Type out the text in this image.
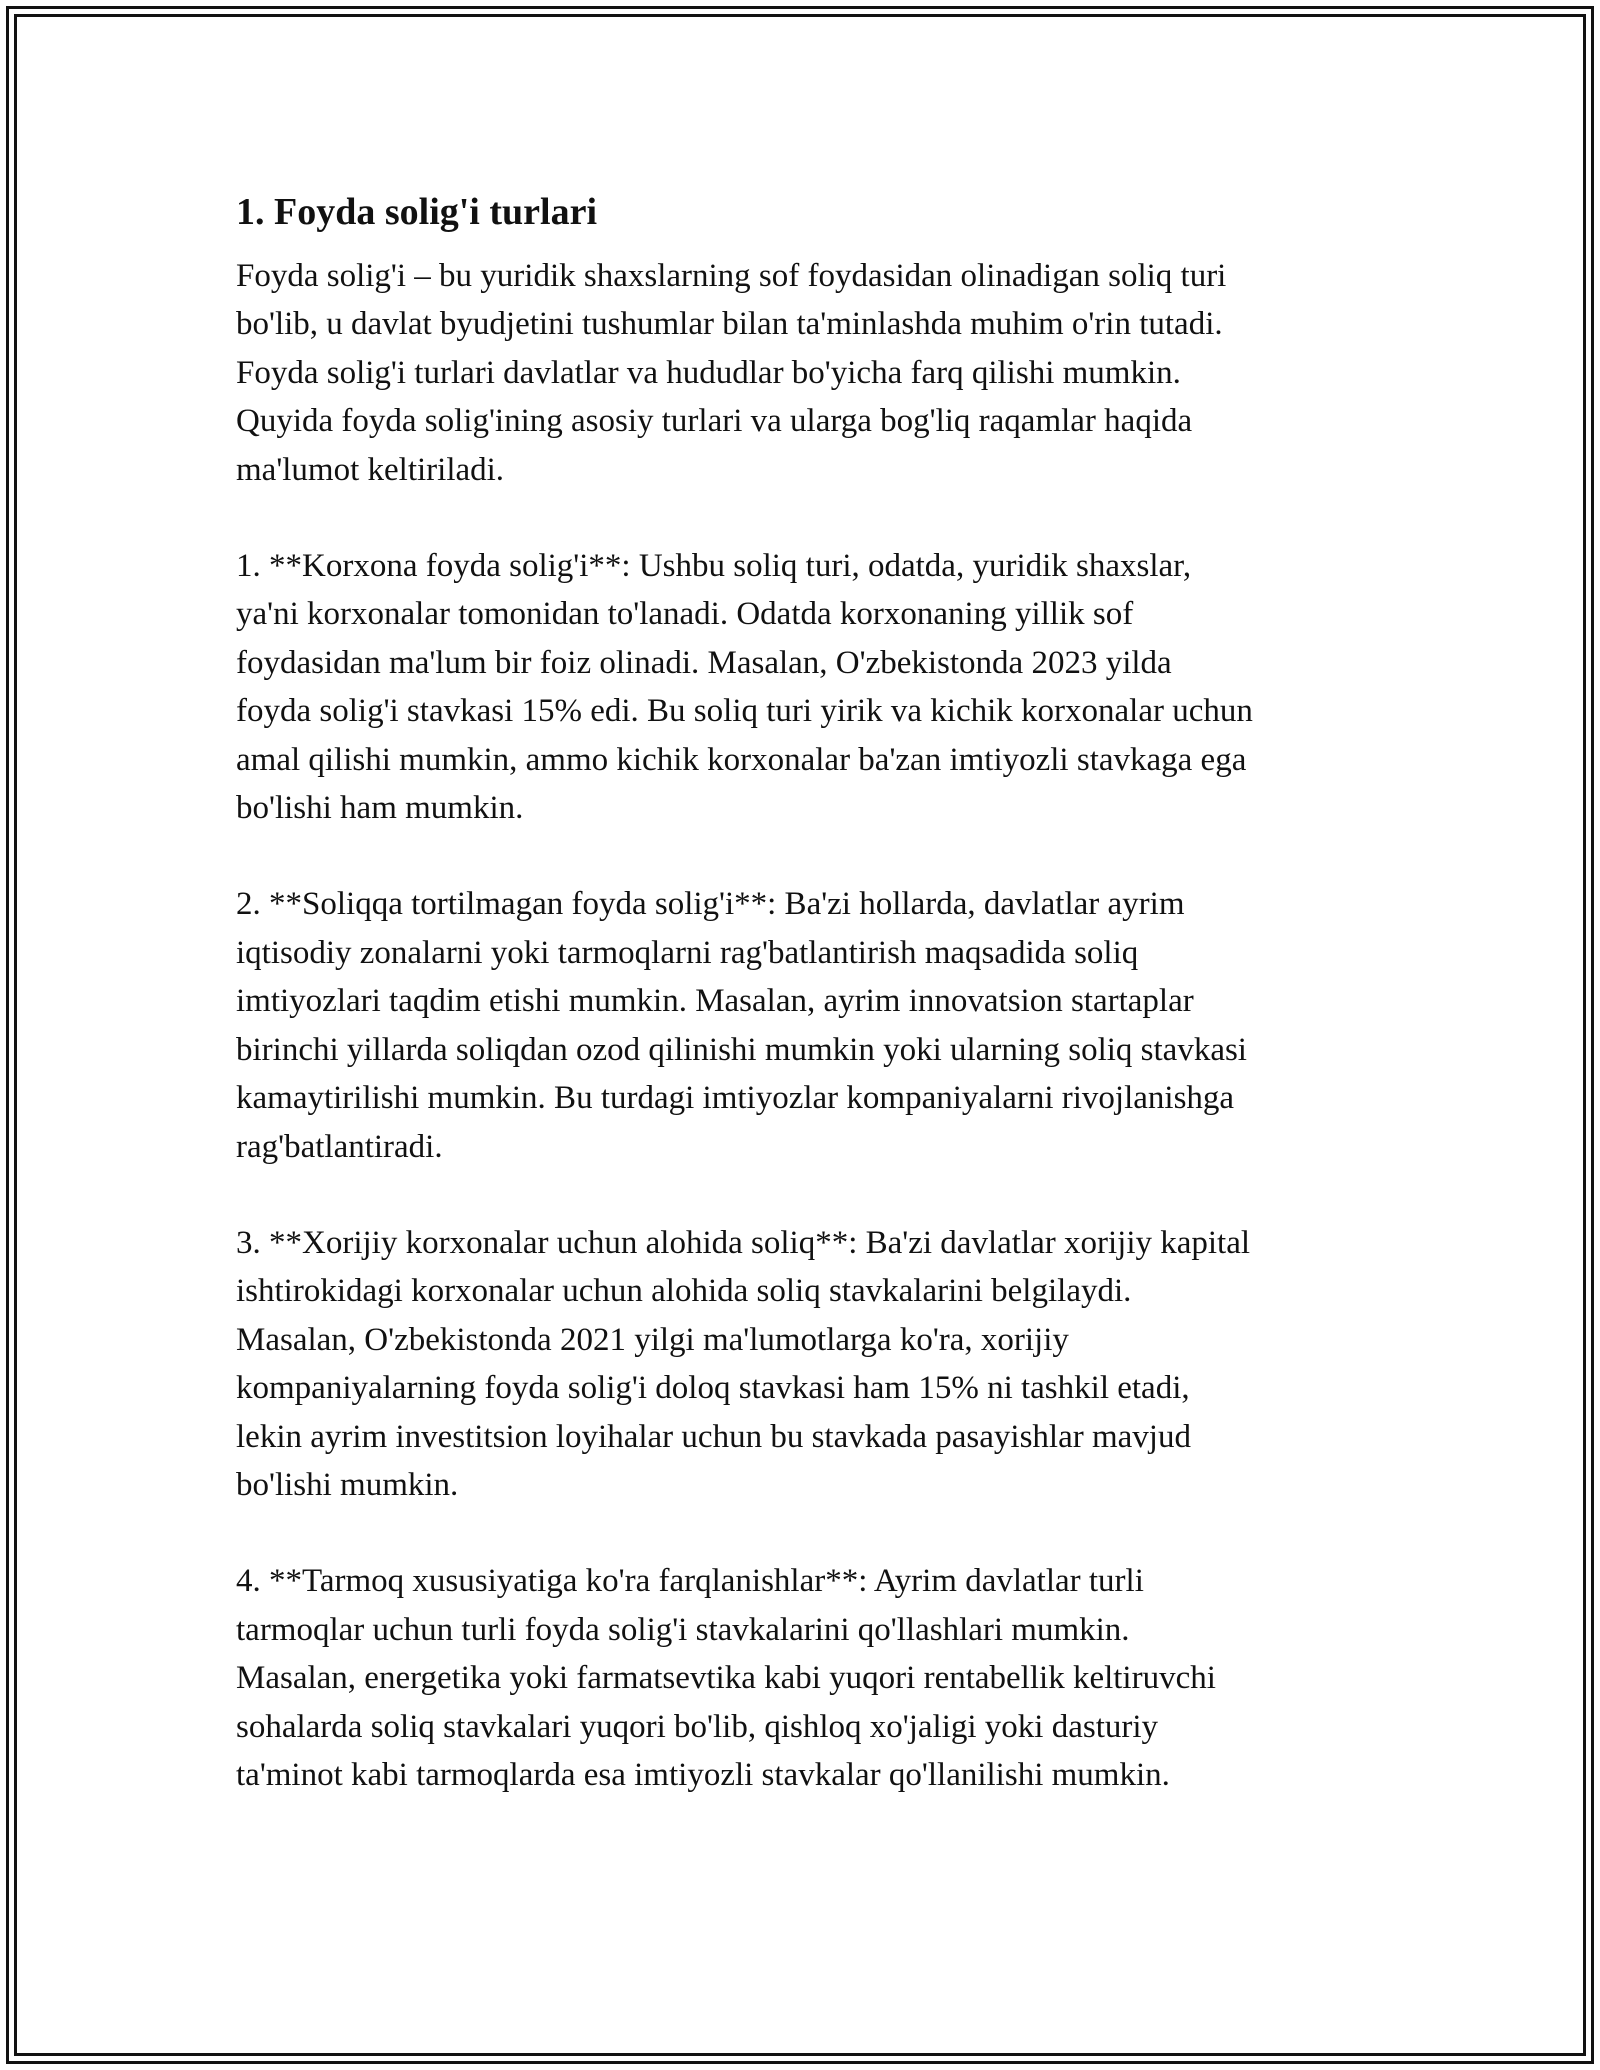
1. Foyda solig'i turlari

Foyda solig'i – bu yuridik shaxslarning sof foydasidan olinadigan soliq turi
bo'lib, u davlat byudjetini tushumlar bilan ta'minlashda muhim o'rin tutadi.
Foyda solig'i turlari davlatlar va hududlar bo'yicha farq qilishi mumkin.
Quyida foyda solig'ining asosiy turlari va ularga bog'liq raqamlar haqida
ma'lumot keltiriladi.

1. **Korxona foyda solig'i**: Ushbu soliq turi, odatda, yuridik shaxslar,
ya'ni korxonalar tomonidan to'lanadi. Odatda korxonaning yillik sof
foydasidan ma'lum bir foiz olinadi. Masalan, O'zbekistonda 2023 yilda
foyda solig'i stavkasi 15% edi. Bu soliq turi yirik va kichik korxonalar uchun
amal qilishi mumkin, ammo kichik korxonalar ba'zan imtiyozli stavkaga ega
bo'lishi ham mumkin.

2. **Soliqqa tortilmagan foyda solig'i**: Ba'zi hollarda, davlatlar ayrim
iqtisodiy zonalarni yoki tarmoqlarni rag'batlantirish maqsadida soliq
imtiyozlari taqdim etishi mumkin. Masalan, ayrim innovatsion startaplar
birinchi yillarda soliqdan ozod qilinishi mumkin yoki ularning soliq stavkasi
kamaytirilishi mumkin. Bu turdagi imtiyozlar kompaniyalarni rivojlanishga
rag'batlantiradi.

3. **Xorijiy korxonalar uchun alohida soliq**: Ba'zi davlatlar xorijiy kapital
ishtirokidagi korxonalar uchun alohida soliq stavkalarini belgilaydi.
Masalan, O'zbekistonda 2021 yilgi ma'lumotlarga ko'ra, xorijiy
kompaniyalarning foyda solig'i doloq stavkasi ham 15% ni tashkil etadi,
lekin ayrim investitsion loyihalar uchun bu stavkada pasayishlar mavjud
bo'lishi mumkin.

4. **Tarmoq xususiyatiga ko'ra farqlanishlar**: Ayrim davlatlar turli
tarmoqlar uchun turli foyda solig'i stavkalarini qo'llashlari mumkin.
Masalan, energetika yoki farmatsevtika kabi yuqori rentabellik keltiruvchi
sohalarda soliq stavkalari yuqori bo'lib, qishloq xo'jaligi yoki dasturiy
ta'minot kabi tarmoqlarda esa imtiyozli stavkalar qo'llanilishi mumkin.
